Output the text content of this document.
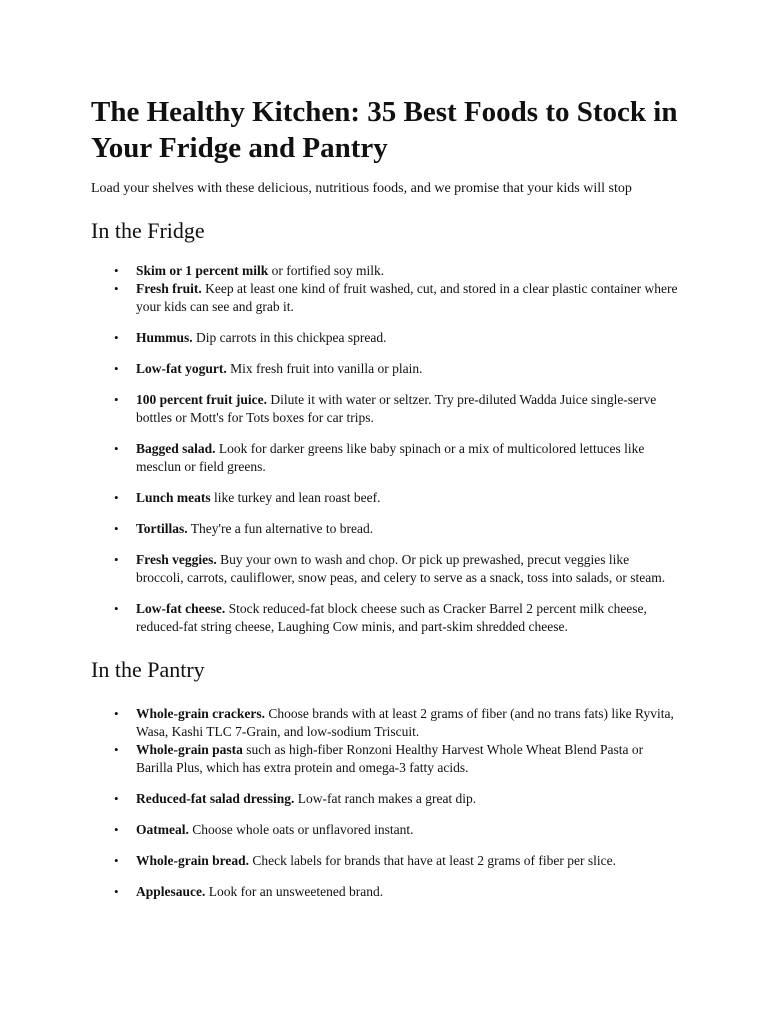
The Healthy Kitchen: 35 Best Foods to Stock in Your Fridge and Pantry

Load your shelves with these delicious, nutritious foods, and we promise that your kids will stop

In the Fridge
• Skim or 1 percent milk or fortified soy milk.
• Fresh fruit. Keep at least one kind of fruit washed, cut, and stored in a clear plastic container where your kids can see and grab it.
• Hummus. Dip carrots in this chickpea spread.
• Low-fat yogurt. Mix fresh fruit into vanilla or plain.
• 100 percent fruit juice. Dilute it with water or seltzer. Try pre-diluted Wadda Juice single-serve bottles or Mott's for Tots boxes for car trips.
• Bagged salad. Look for darker greens like baby spinach or a mix of multicolored lettuces like mesclun or field greens.
• Lunch meats like turkey and lean roast beef.
• Tortillas. They're a fun alternative to bread.
• Fresh veggies. Buy your own to wash and chop. Or pick up prewashed, precut veggies like broccoli, carrots, cauliflower, snow peas, and celery to serve as a snack, toss into salads, or steam.
• Low-fat cheese. Stock reduced-fat block cheese such as Cracker Barrel 2 percent milk cheese, reduced-fat string cheese, Laughing Cow minis, and part-skim shredded cheese.
In the Pantry
• Whole-grain crackers. Choose brands with at least 2 grams of fiber (and no trans fats) like Ryvita, Wasa, Kashi TLC 7-Grain, and low-sodium Triscuit.
• Whole-grain pasta such as high-fiber Ronzoni Healthy Harvest Whole Wheat Blend Pasta or Barilla Plus, which has extra protein and omega-3 fatty acids.
• Reduced-fat salad dressing. Low-fat ranch makes a great dip.
• Oatmeal. Choose whole oats or unflavored instant.
• Whole-grain bread. Check labels for brands that have at least 2 grams of fiber per slice.
• Applesauce. Look for an unsweetened brand.
